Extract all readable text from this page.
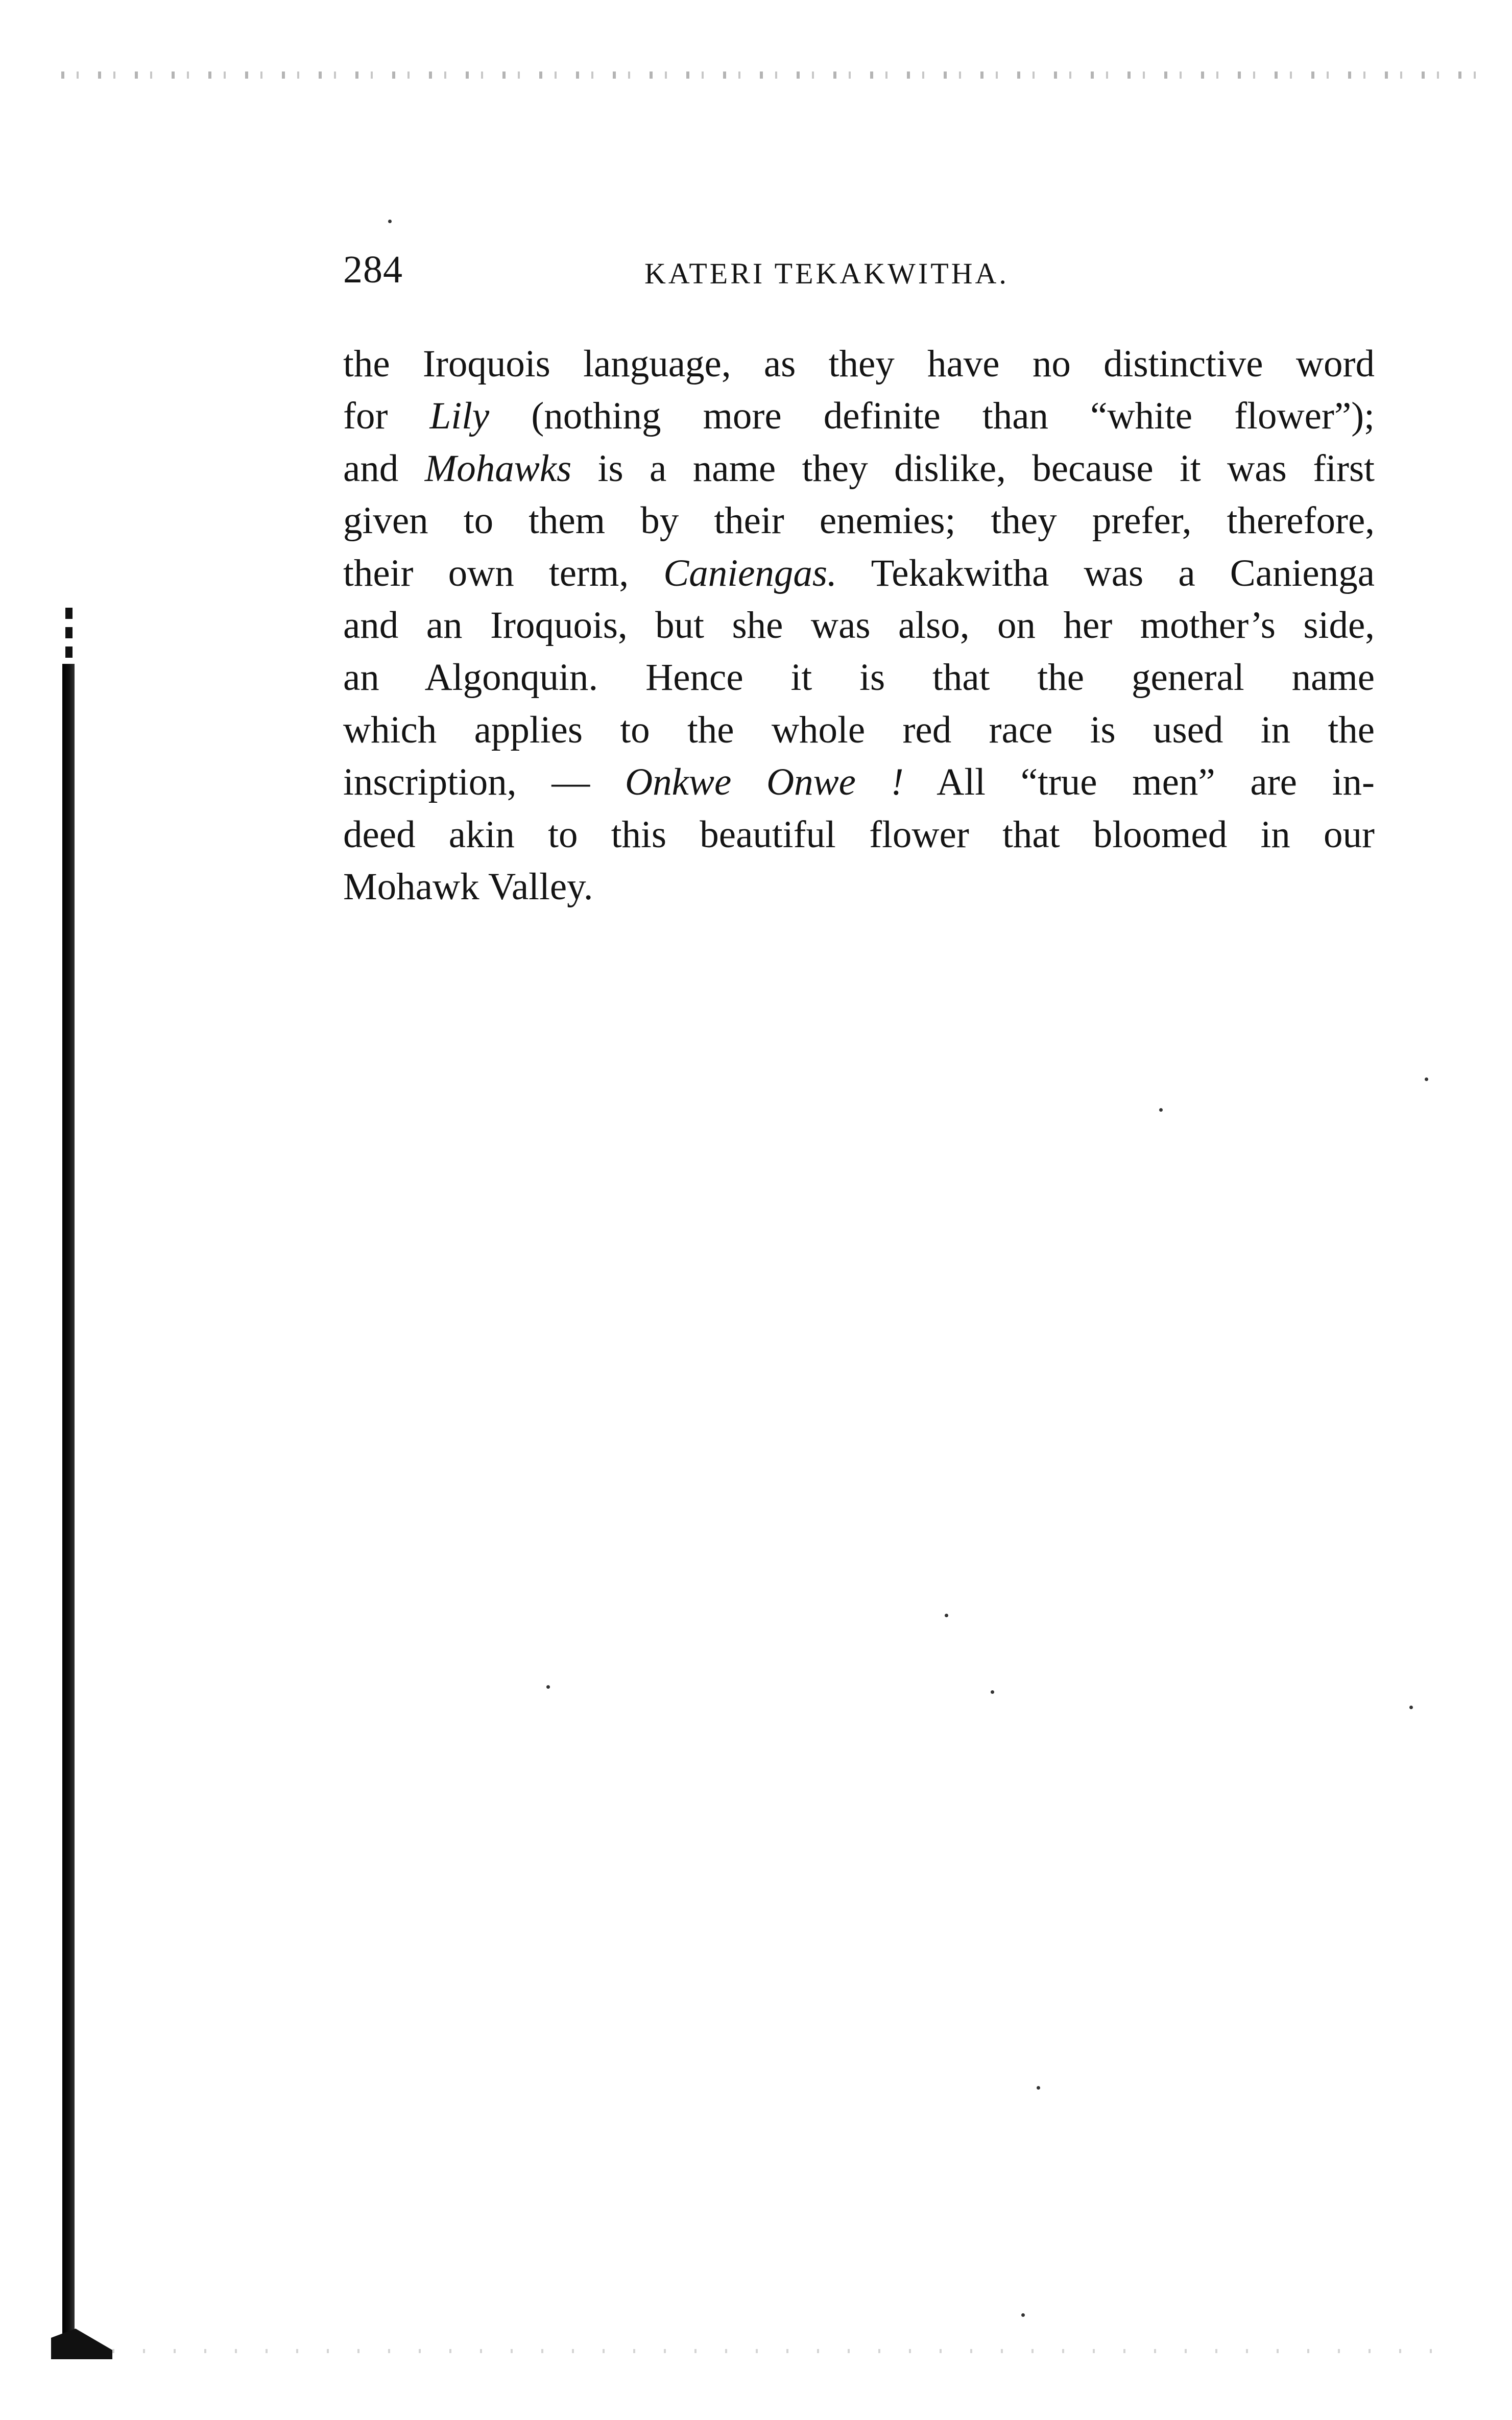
284	KATERI TEKAKWITHA.
the Iroquois language, as they have no distinctive word
for Lily (nothing more definite than “white flower”);
and Mohawks is a name they dislike, because it was first
given to them by their enemies; they prefer, therefore,
their own term, Caniengas. Tekakwitha was a Canienga
and an Iroquois, but she was also, on her mother’s side,
an Algonquin. Hence it is that the general name
which applies to the whole red race is used in the
inscription, — Onkwe Onwe ! All “true men” are in-
deed akin to this beautiful flower that bloomed in our
Mohawk Valley.
